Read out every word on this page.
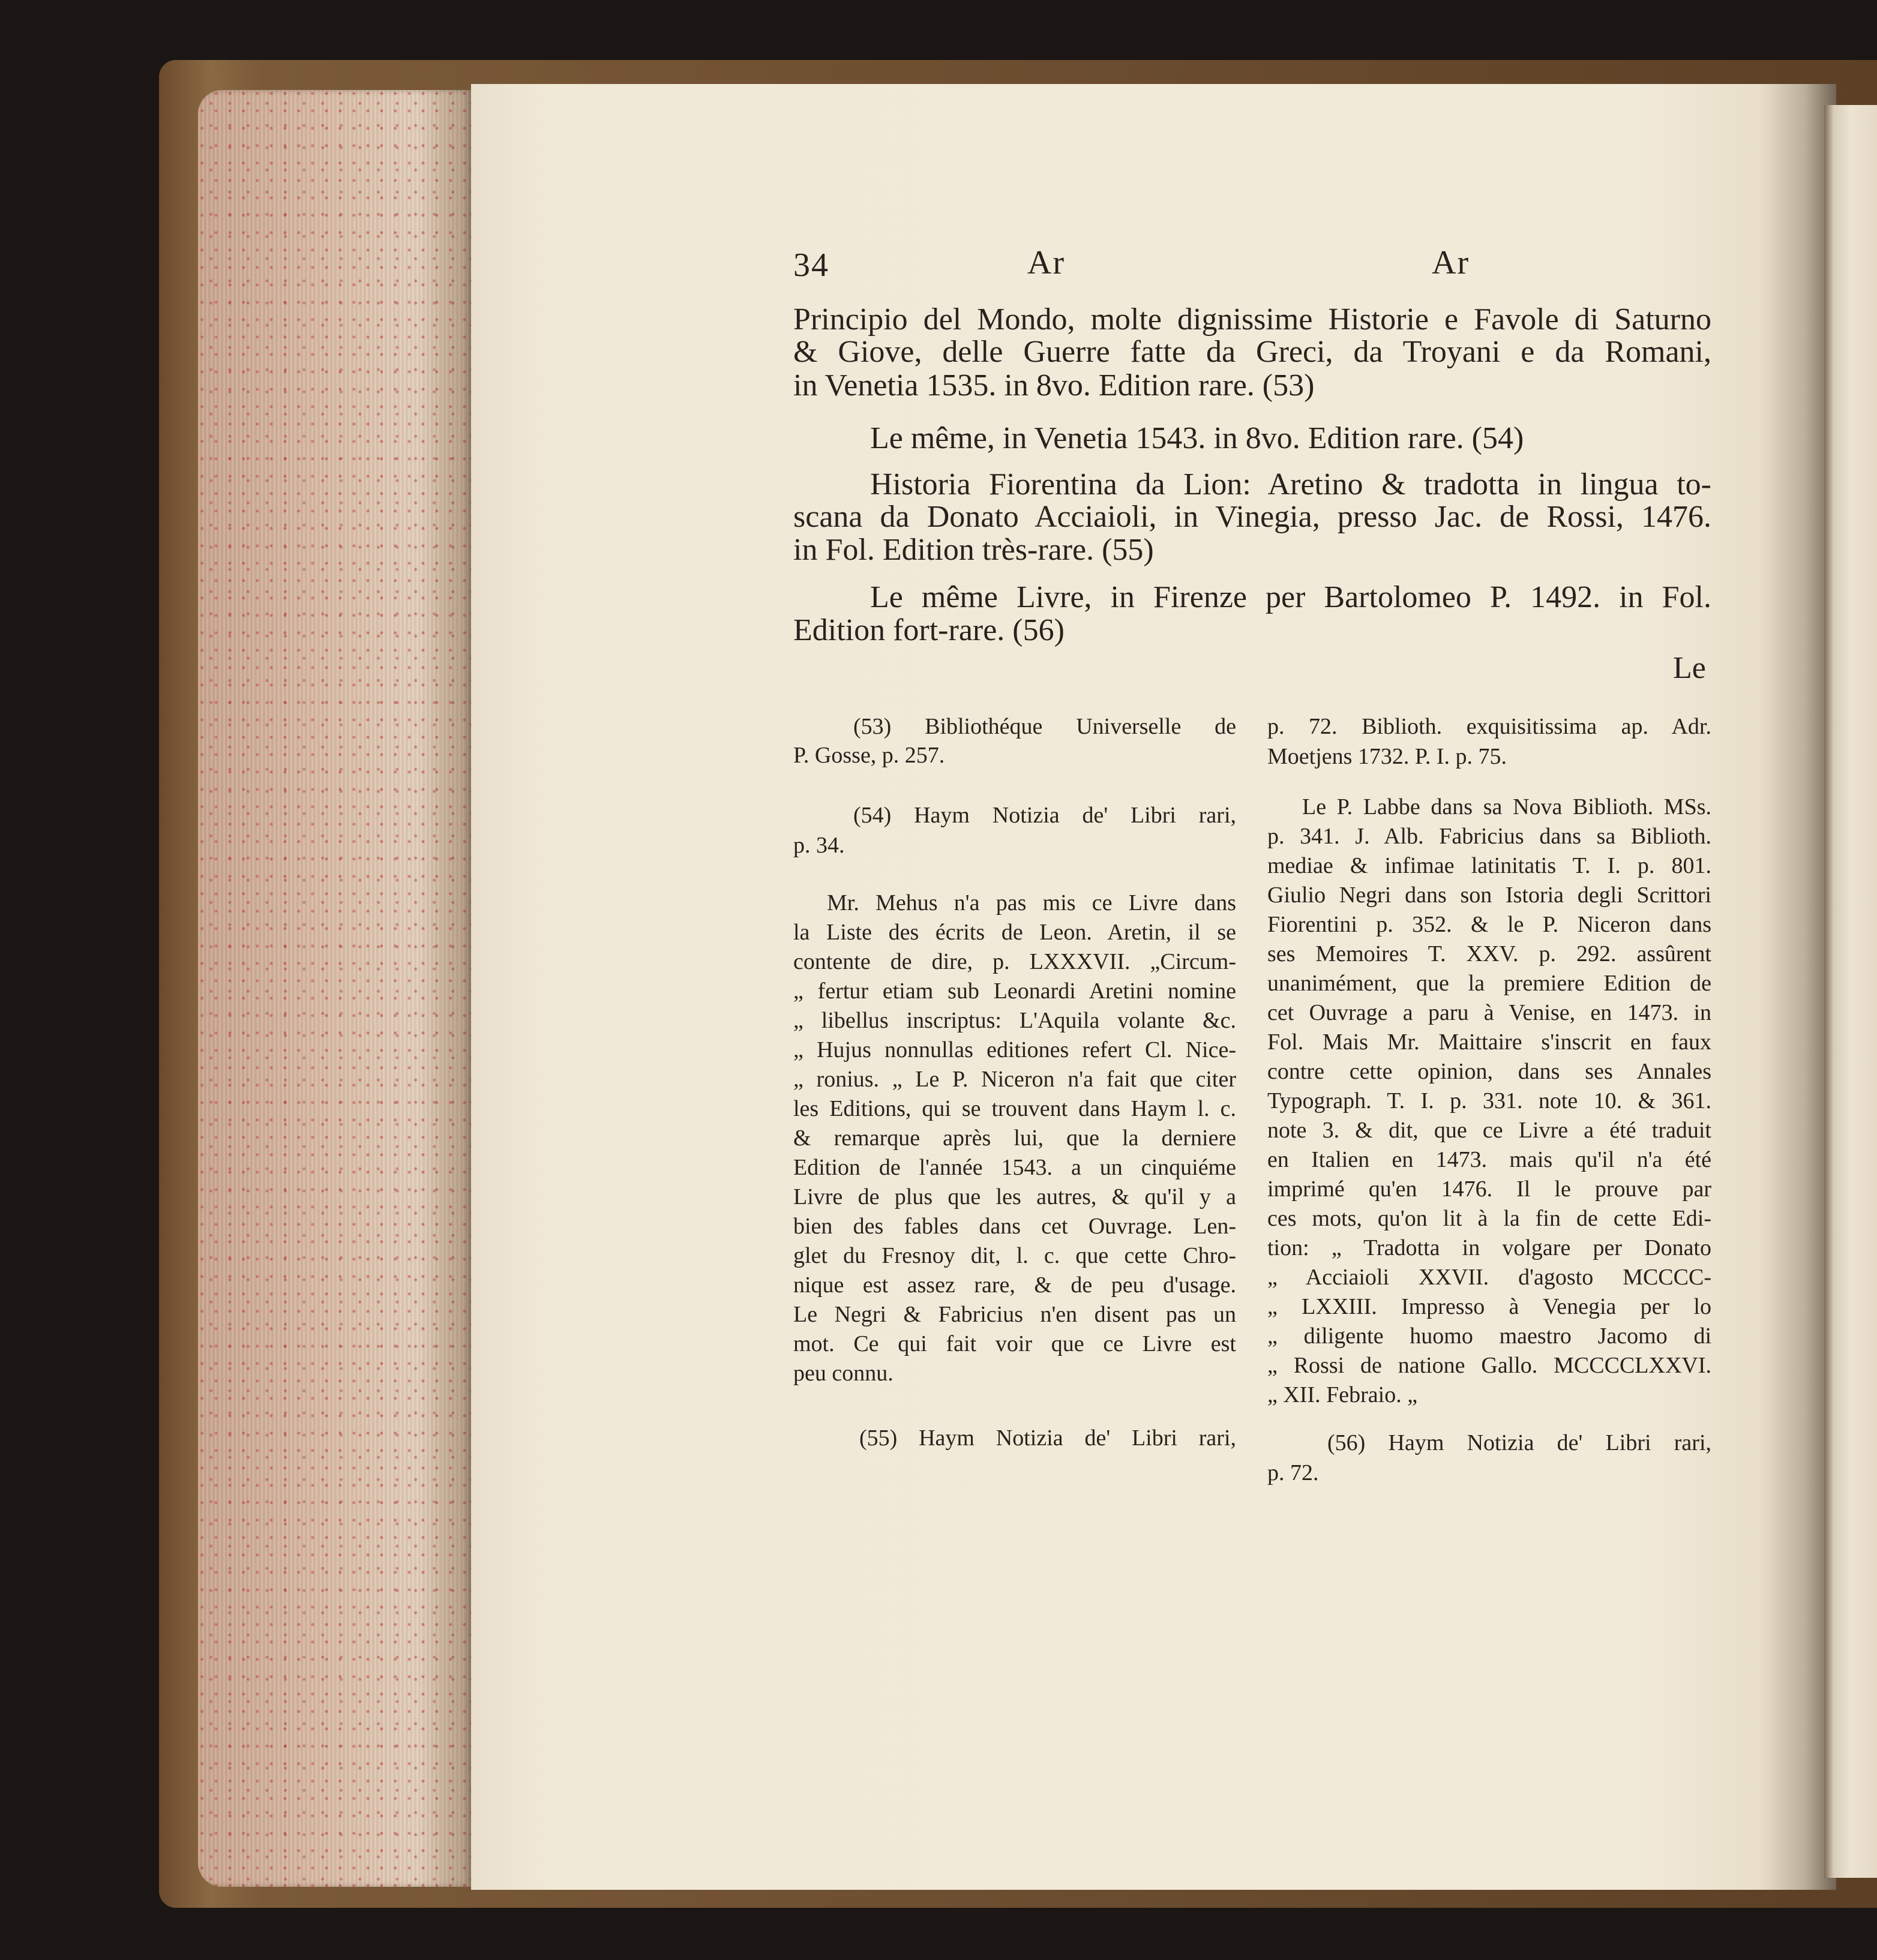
34	Ar	Ar
Principio del Mondo, molte dignissime Historie e Favole di Saturno
& Giove, delle Guerre fatte da Greci, da Troyani e da Romani,
in Venetia 1535. in 8vo. Edition rare. (53)
Le même, in Venetia 1543. in 8vo. Edition rare. (54)
Historia Fiorentina da Lion: Aretino & tradotta in lingua to-
scana da Donato Acciaioli, in Vinegia, presso Jac. de Rossi, 1476.
in Fol. Edition très-rare. (55)
Le même Livre, in Firenze per Bartolomeo P. 1492. in Fol.
Edition fort-rare. (56)
Le
(53) Bibliothéque Universelle de
P. Gosse, p. 257.
(54) Haym Notizia de' Libri rari,
p. 34.
Mr. Mehus n'a pas mis ce Livre dans
la Liste des écrits de Leon. Aretin, il se
contente de dire, p. LXXXVII. „Circum-
„ fertur etiam sub Leonardi Aretini nomine
„ libellus inscriptus: L'Aquila volante &c.
„ Hujus nonnullas editiones refert Cl. Nice-
„ ronius. „ Le P. Niceron n'a fait que citer
les Editions, qui se trouvent dans Haym l. c.
& remarque après lui, que la derniere
Edition de l'année 1543. a un cinquiéme
Livre de plus que les autres, & qu'il y a
bien des fables dans cet Ouvrage. Len-
glet du Fresnoy dit, l. c. que cette Chro-
nique est assez rare, & de peu d'usage.
Le Negri & Fabricius n'en disent pas un
mot. Ce qui fait voir que ce Livre est
peu connu.
(55) Haym Notizia de' Libri rari,
p. 72. Biblioth. exquisitissima ap. Adr.
Moetjens 1732. P. I. p. 75.
Le P. Labbe dans sa Nova Biblioth. MSs.
p. 341. J. Alb. Fabricius dans sa Biblioth.
mediae & infimae latinitatis T. I. p. 801.
Giulio Negri dans son Istoria degli Scrittori
Fiorentini p. 352. & le P. Niceron dans
ses Memoires T. XXV. p. 292. assûrent
unanimément, que la premiere Edition de
cet Ouvrage a paru à Venise, en 1473. in
Fol. Mais Mr. Maittaire s'inscrit en faux
contre cette opinion, dans ses Annales
Typograph. T. I. p. 331. note 10. & 361.
note 3. & dit, que ce Livre a été traduit
en Italien en 1473. mais qu'il n'a été
imprimé qu'en 1476. Il le prouve par
ces mots, qu'on lit à la fin de cette Edi-
tion: „ Tradotta in volgare per Donato
„ Acciaioli XXVII. d'agosto MCCCC-
„ LXXIII. Impresso à Venegia per lo
„ diligente huomo maestro Jacomo di
„ Rossi de natione Gallo. MCCCCLXXVI.
„ XII. Febraio. „
(56) Haym Notizia de' Libri rari,
p. 72.
